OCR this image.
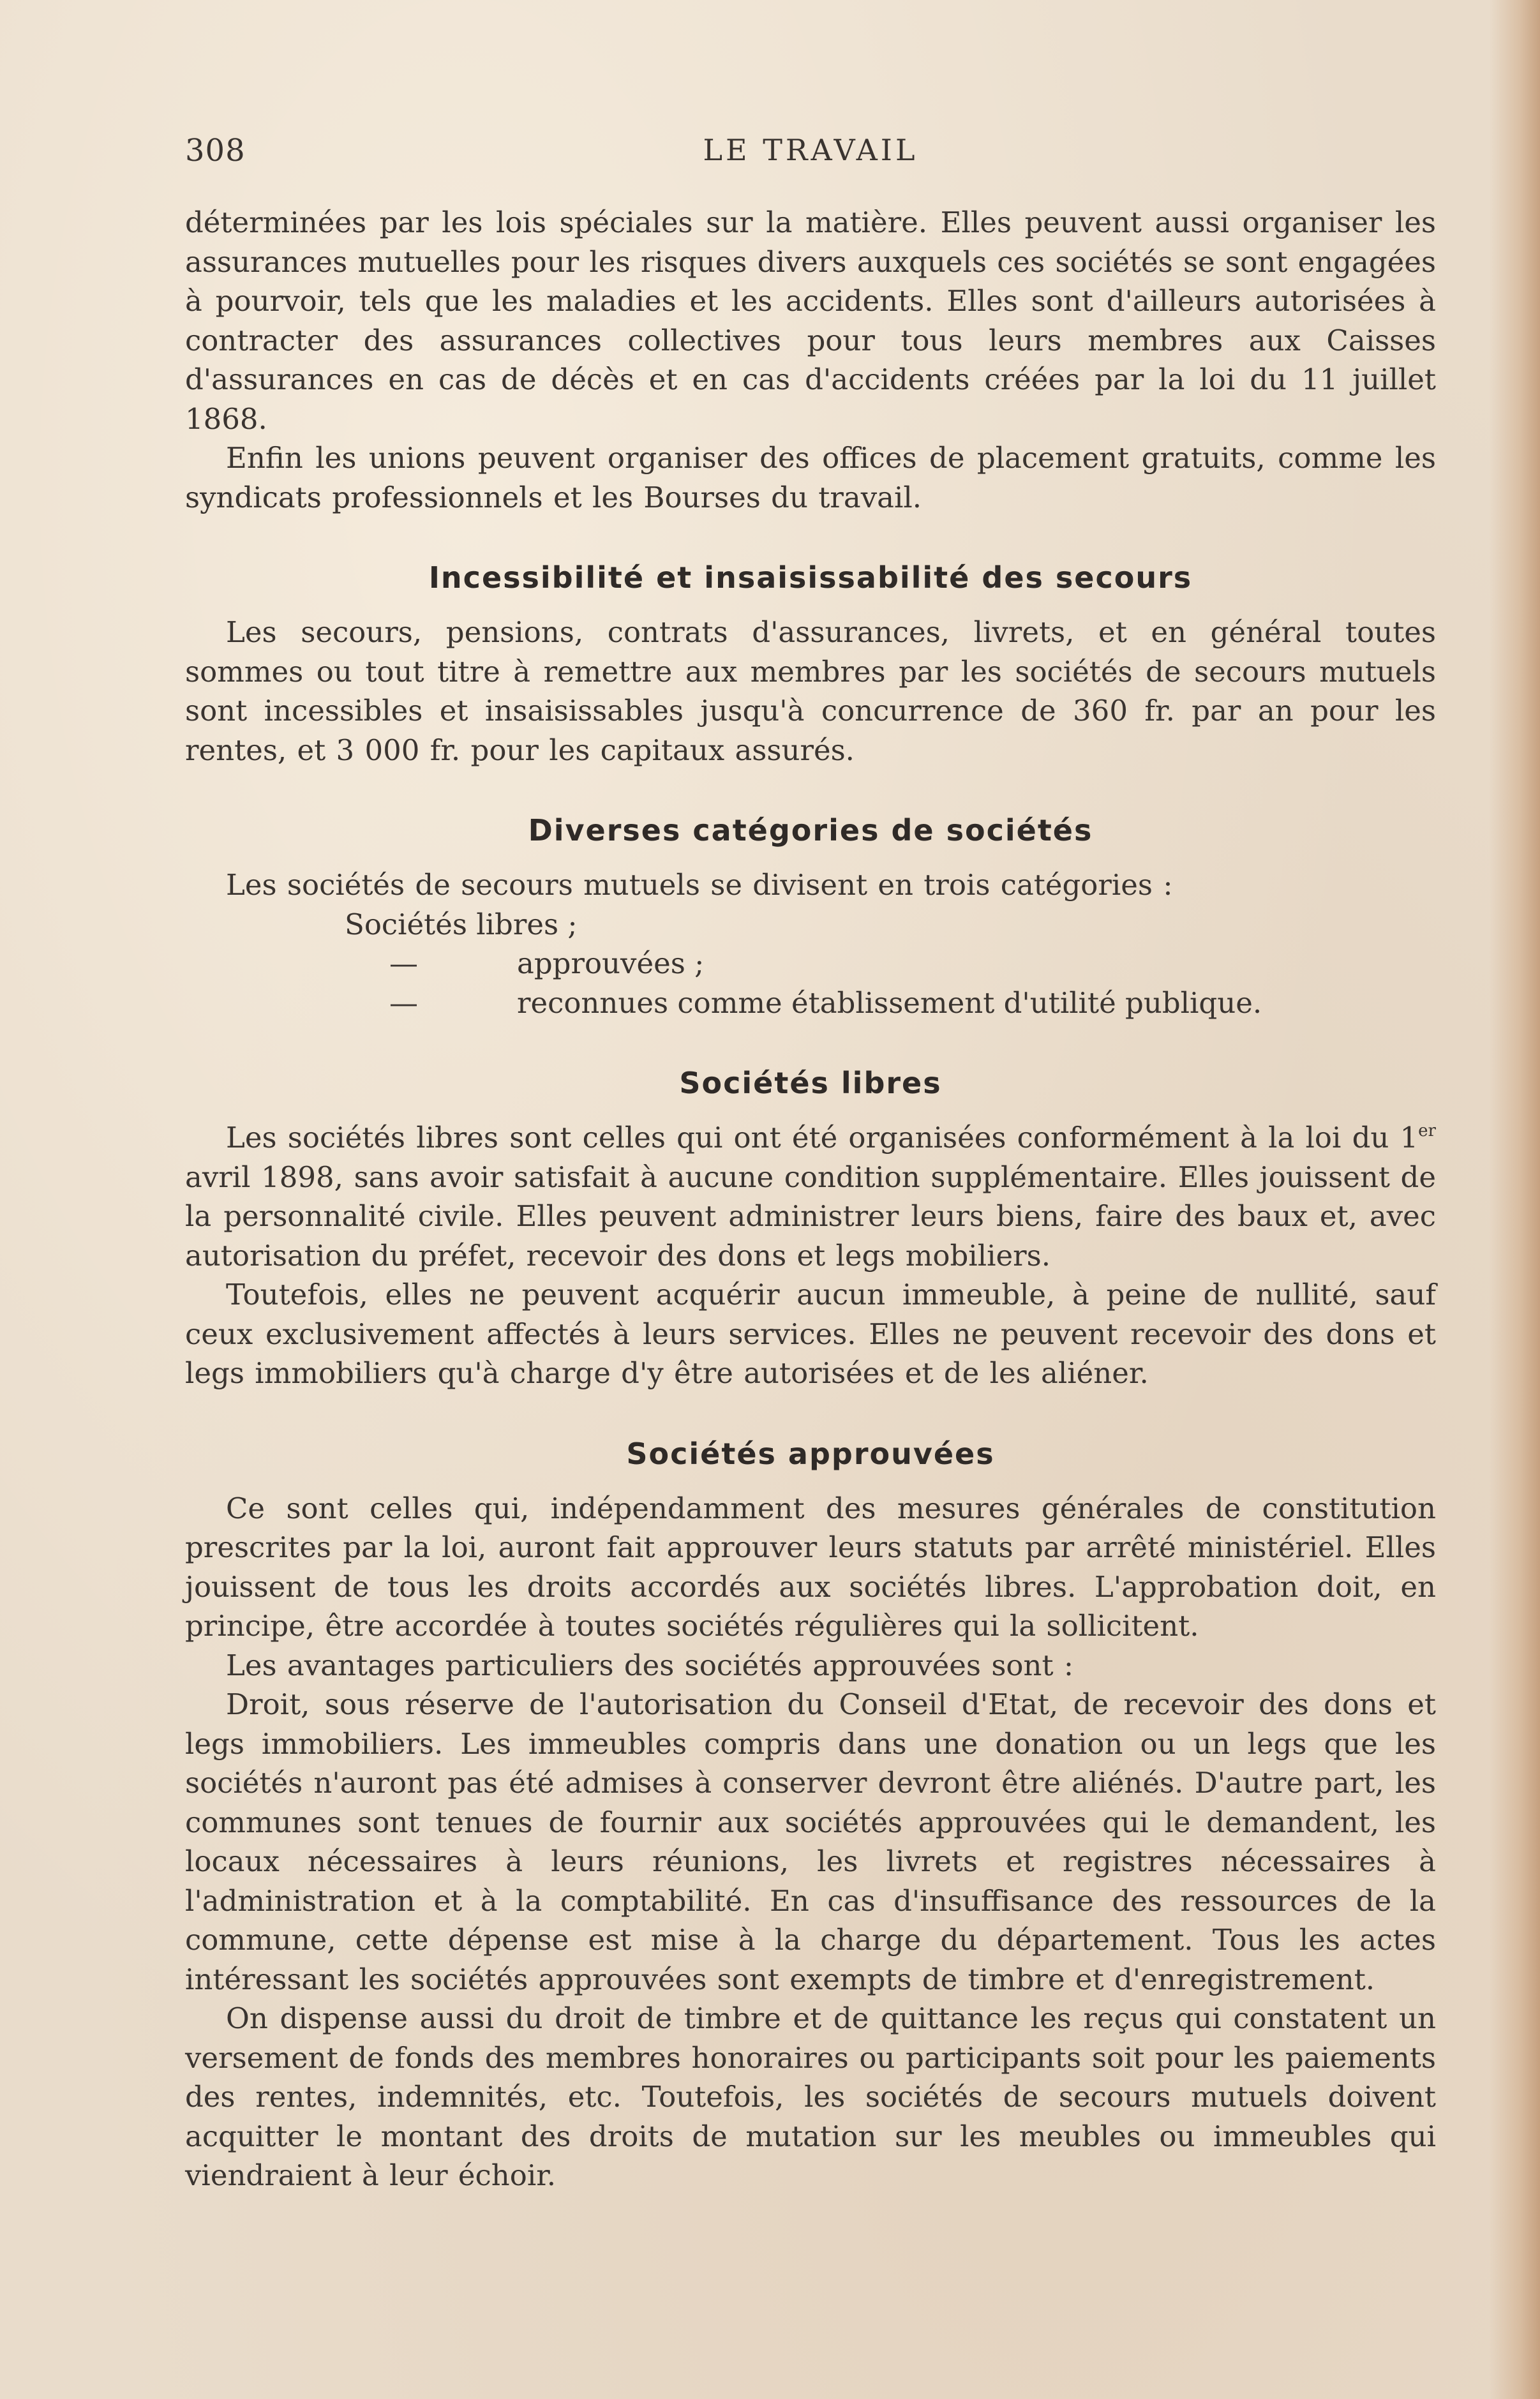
308	LE TRAVAIL

déterminées par les lois spéciales sur la matière. Elles peuvent aussi organiser les assurances mutuelles pour les risques divers auxquels ces sociétés se sont engagées à pourvoir, tels que les maladies et les accidents. Elles sont d'ailleurs autorisées à contracter des assurances collectives pour tous leurs membres aux Caisses d'assurances en cas de décès et en cas d'accidents créées par la loi du 11 juillet 1868.

Enfin les unions peuvent organiser des offices de placement gratuits, comme les syndicats professionnels et les Bourses du travail.

Incessibilité et insaisissabilité des secours

Les secours, pensions, contrats d'assurances, livrets, et en général toutes sommes ou tout titre à remettre aux membres par les sociétés de secours mutuels sont incessibles et insaisissables jusqu'à concurrence de 360 fr. par an pour les rentes, et 3 000 fr. pour les capitaux assurés.

Diverses catégories de sociétés

Les sociétés de secours mutuels se divisent en trois catégories :

Sociétés libres ;
—	approuvées ;
—	reconnues comme établissement d'utilité publique.
Sociétés libres

Les sociétés libres sont celles qui ont été organisées conformément à la loi du 1er avril 1898, sans avoir satisfait à aucune condition supplémentaire. Elles jouissent de la personnalité civile. Elles peuvent administrer leurs biens, faire des baux et, avec autorisation du préfet, recevoir des dons et legs mobiliers.

Toutefois, elles ne peuvent acquérir aucun immeuble, à peine de nullité, sauf ceux exclusivement affectés à leurs services. Elles ne peuvent recevoir des dons et legs immobiliers qu'à charge d'y être autorisées et de les aliéner.

Sociétés approuvées

Ce sont celles qui, indépendamment des mesures générales de constitution prescrites par la loi, auront fait approuver leurs statuts par arrêté ministériel. Elles jouissent de tous les droits accordés aux sociétés libres. L'approbation doit, en principe, être accordée à toutes sociétés régulières qui la sollicitent.

Les avantages particuliers des sociétés approuvées sont :

Droit, sous réserve de l'autorisation du Conseil d'Etat, de recevoir des dons et legs immobiliers. Les immeubles compris dans une donation ou un legs que les sociétés n'auront pas été admises à conserver devront être aliénés. D'autre part, les communes sont tenues de fournir aux sociétés approuvées qui le demandent, les locaux nécessaires à leurs réunions, les livrets et registres nécessaires à l'administration et à la comptabilité. En cas d'insuffisance des ressources de la commune, cette dépense est mise à la charge du département. Tous les actes intéressant les sociétés approuvées sont exempts de timbre et d'enregistrement.

On dispense aussi du droit de timbre et de quittance les reçus qui constatent un versement de fonds des membres honoraires ou participants soit pour les paiements des rentes, indemnités, etc. Toutefois, les sociétés de secours mutuels doivent acquitter le montant des droits de mutation sur les meubles ou immeubles qui viendraient à leur échoir.
